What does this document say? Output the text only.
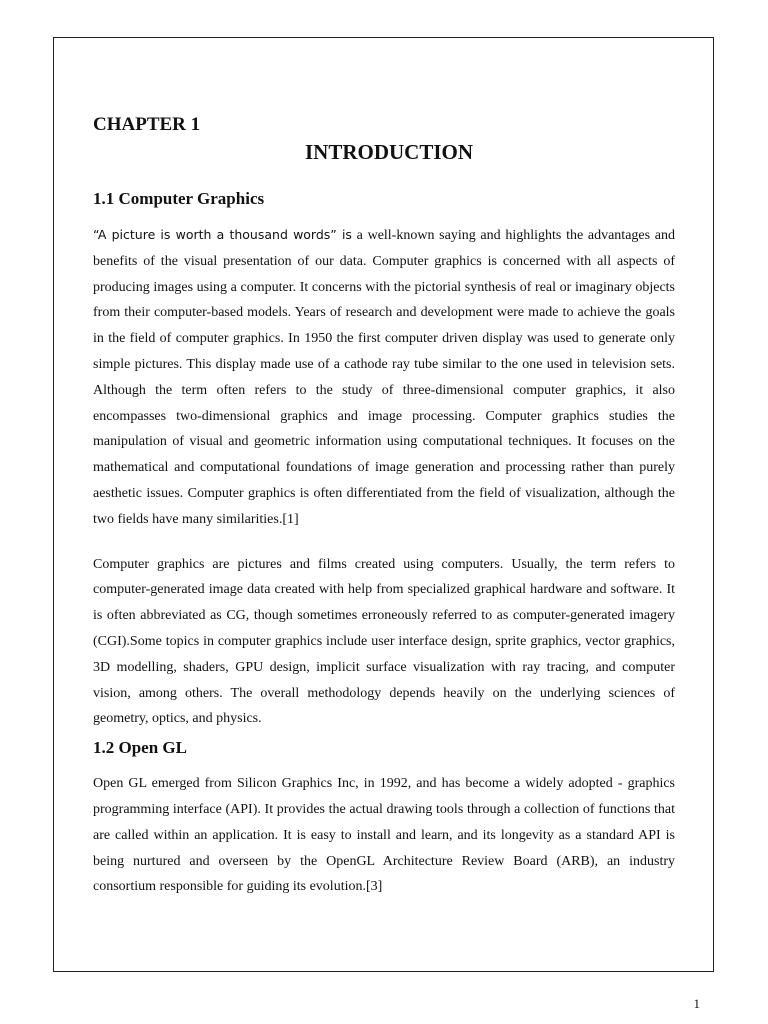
CHAPTER 1

INTRODUCTION

1.1 Computer Graphics

“A picture is worth a thousand words” is a well-known saying and highlights the advantages and benefits of the visual presentation of our data. Computer graphics is concerned with all aspects of producing images using a computer. It concerns with the pictorial synthesis of real or imaginary objects from their computer-based models. Years of research and development were made to achieve the goals in the field of computer graphics. In 1950 the first computer driven display was used to generate only simple pictures. This display made use of a cathode ray tube similar to the one used in television sets. Although the term often refers to the study of three-dimensional computer graphics, it also encompasses two-dimensional graphics and image processing. Computer graphics studies the manipulation of visual and geometric information using computational techniques. It focuses on the mathematical and computational foundations of image generation and processing rather than purely aesthetic issues. Computer graphics is often differentiated from the field of visualization, although the two fields have many similarities.[1]

Computer graphics are pictures and films created using computers. Usually, the term refers to computer-generated image data created with help from specialized graphical hardware and software. It is often abbreviated as CG, though sometimes erroneously referred to as computer-generated imagery (CGI).Some topics in computer graphics include user interface design, sprite graphics, vector graphics, 3D modelling, shaders, GPU design, implicit surface visualization with ray tracing, and computer vision, among others. The overall methodology depends heavily on the underlying sciences of geometry, optics, and physics.

1.2 Open GL

Open GL emerged from Silicon Graphics Inc, in 1992, and has become a widely adopted - graphics programming interface (API). It provides the actual drawing tools through a collection of functions that are called within an application. It is easy to install and learn, and its longevity as a standard API is being nurtured and overseen by the OpenGL Architecture Review Board (ARB), an industry consortium responsible for guiding its evolution.[3]

1
